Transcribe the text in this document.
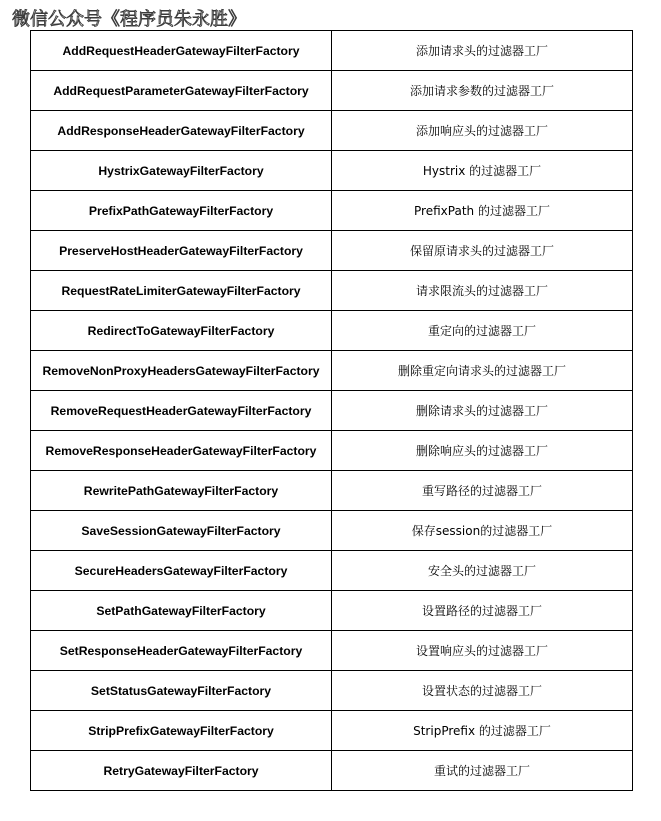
微信公众号《程序员朱永胜》
AddRequestHeaderGatewayFilterFactory	添加请求头的过滤器工厂
AddRequestParameterGatewayFilterFactory	添加请求参数的过滤器工厂
AddResponseHeaderGatewayFilterFactory	添加响应头的过滤器工厂
HystrixGatewayFilterFactory	Hystrix 的过滤器工厂
PrefixPathGatewayFilterFactory	PrefixPath 的过滤器工厂
PreserveHostHeaderGatewayFilterFactory	保留原请求头的过滤器工厂
RequestRateLimiterGatewayFilterFactory	请求限流头的过滤器工厂
RedirectToGatewayFilterFactory	重定向的过滤器工厂
RemoveNonProxyHeadersGatewayFilterFactory	删除重定向请求头的过滤器工厂
RemoveRequestHeaderGatewayFilterFactory	删除请求头的过滤器工厂
RemoveResponseHeaderGatewayFilterFactory	删除响应头的过滤器工厂
RewritePathGatewayFilterFactory	重写路径的过滤器工厂
SaveSessionGatewayFilterFactory	保存session的过滤器工厂
SecureHeadersGatewayFilterFactory	安全头的过滤器工厂
SetPathGatewayFilterFactory	设置路径的过滤器工厂
SetResponseHeaderGatewayFilterFactory	设置响应头的过滤器工厂
SetStatusGatewayFilterFactory	设置状态的过滤器工厂
StripPrefixGatewayFilterFactory	StripPrefix 的过滤器工厂
RetryGatewayFilterFactory	重试的过滤器工厂
